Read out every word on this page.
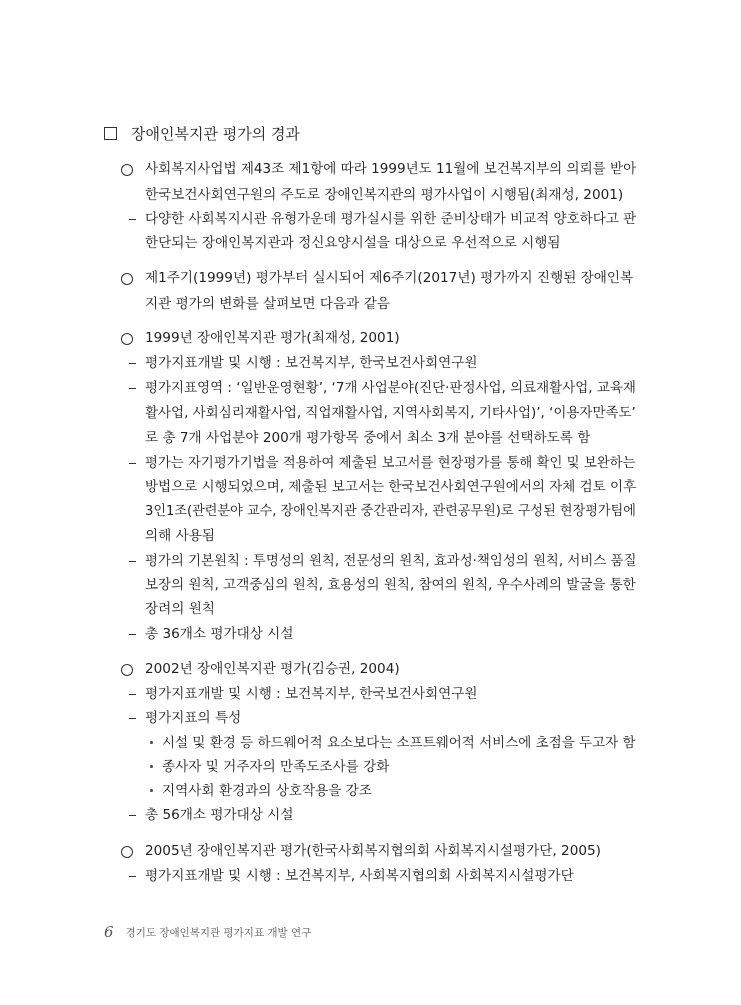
장애인복지관 평가의 경과
사회복지사업법 제43조 제1항에 따라 1999년도 11월에 보건복지부의 의뢰를 받아
한국보건사회연구원의 주도로 장애인복지관의 평가사업이 시행됨(최재성, 2001)
다양한 사회복지시관 유형가운데 평가실시를 위한 준비상태가 비교적 양호하다고 판
한단되는 장애인복지관과 정신요양시설을 대상으로 우선적으로 시행됨
제1주기(1999년) 평가부터 실시되어 제6주기(2017년) 평가까지 진행된 장애인복
지관 평가의 변화를 살펴보면 다음과 같음
1999년 장애인복지관 평가(최재성, 2001)
평가지표개발 및 시행 : 보건복지부, 한국보건사회연구원
평가지표영역 : ‘일반운영현황’, ‘7개 사업분야(진단·판정사업, 의료재활사업, 교육재
활사업, 사회심리재활사업, 직업재활사업, 지역사회복지, 기타사업)’, ‘이용자만족도’
로 총 7개 사업분야 200개 평가항목 중에서 최소 3개 분야를 선택하도록 함
평가는 자기평가기법을 적용하여 제출된 보고서를 현장평가를 통해 확인 및 보완하는
방법으로 시행되었으며, 제출된 보고서는 한국보건사회연구원에서의 자체 검토 이후
3인1조(관련분야 교수, 장애인복지관 중간관리자, 관련공무원)로 구성된 현장평가팀에
의해 사용됨
평가의 기본원칙 : 투명성의 원칙, 전문성의 원칙, 효과성·책임성의 원칙, 서비스 품질
보장의 원칙, 고객중심의 원칙, 효용성의 원칙, 참여의 원칙, 우수사례의 발굴을 통한
장려의 원칙
총 36개소 평가대상 시설
2002년 장애인복지관 평가(김승권, 2004)
평가지표개발 및 시행 : 보건복지부, 한국보건사회연구원
평가지표의 특성
시설 및 환경 등 하드웨어적 요소보다는 소프트웨어적 서비스에 초점을 두고자 함
종사자 및 거주자의 만족도조사를 강화
지역사회 환경과의 상호작용을 강조
총 56개소 평가대상 시설
2005년 장애인복지관 평가(한국사회복지협의회 사회복지시설평가단, 2005)
평가지표개발 및 시행 : 보건복지부, 사회복지협의회 사회복지시설평가단
6 경기도 장애인복지관 평가지표 개발 연구
